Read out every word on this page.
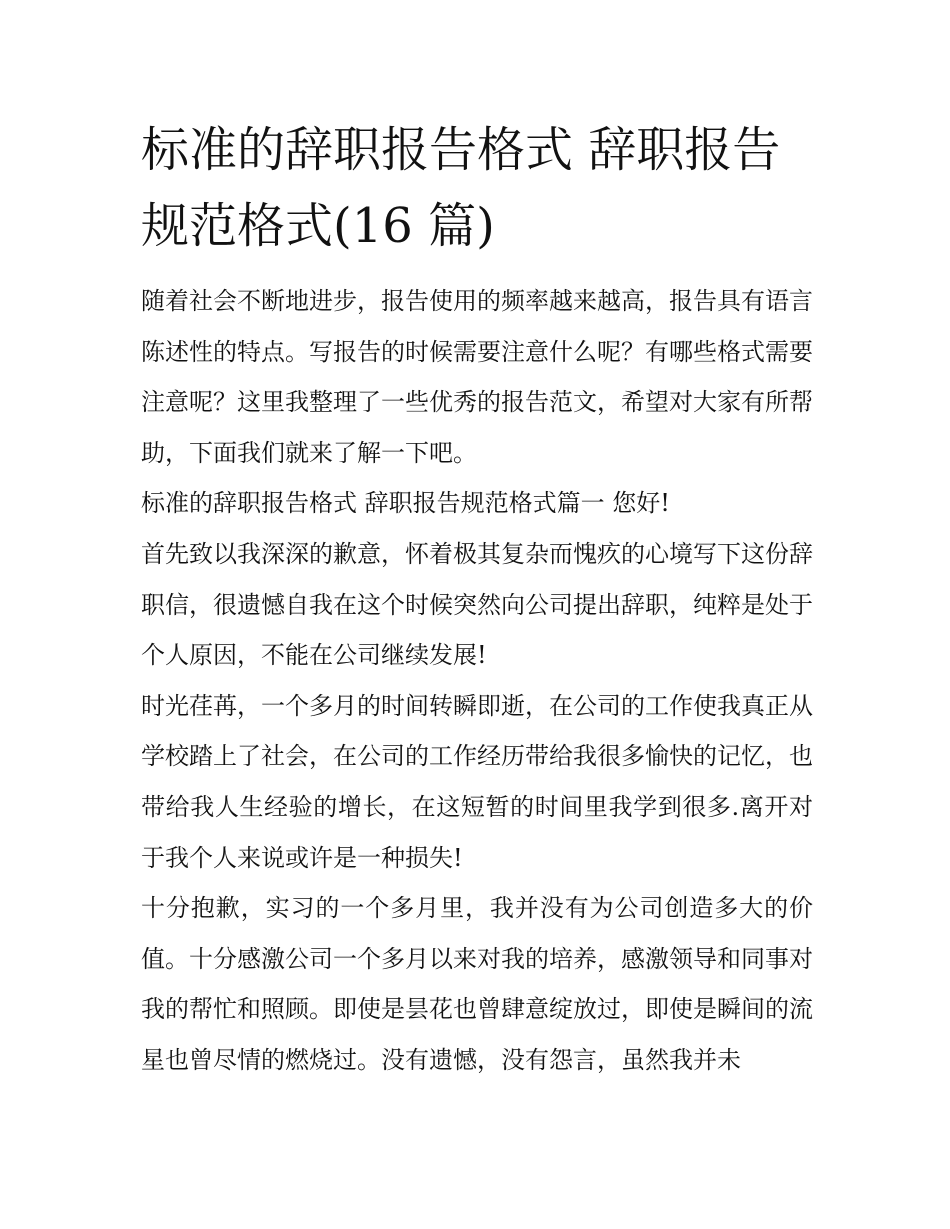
标准的辞职报告格式 辞职报告规范格式(16 篇)

随着社会不断地进步，报告使用的频率越来越高，报告具有语言陈述性的特点。写报告的时候需要注意什么呢？有哪些格式需要注意呢？这里我整理了一些优秀的报告范文，希望对大家有所帮助，下面我们就来了解一下吧。

标准的辞职报告格式 辞职报告规范格式篇一 您好!

首先致以我深深的歉意，怀着极其复杂而愧疚的心境写下这份辞职信，很遗憾自我在这个时候突然向公司提出辞职，纯粹是处于个人原因，不能在公司继续发展!

时光荏苒，一个多月的时间转瞬即逝，在公司的工作使我真正从学校踏上了社会，在公司的工作经历带给我很多愉快的记忆，也带给我人生经验的增长，在这短暂的时间里我学到很多.离开对于我个人来说或许是一种损失!

十分抱歉，实习的一个多月里，我并没有为公司创造多大的价值。十分感激公司一个多月以来对我的培养，感激领导和同事对我的帮忙和照顾。即使是昙花也曾肆意绽放过，即使是瞬间的流星也曾尽情的燃烧过。没有遗憾，没有怨言，虽然我并未
